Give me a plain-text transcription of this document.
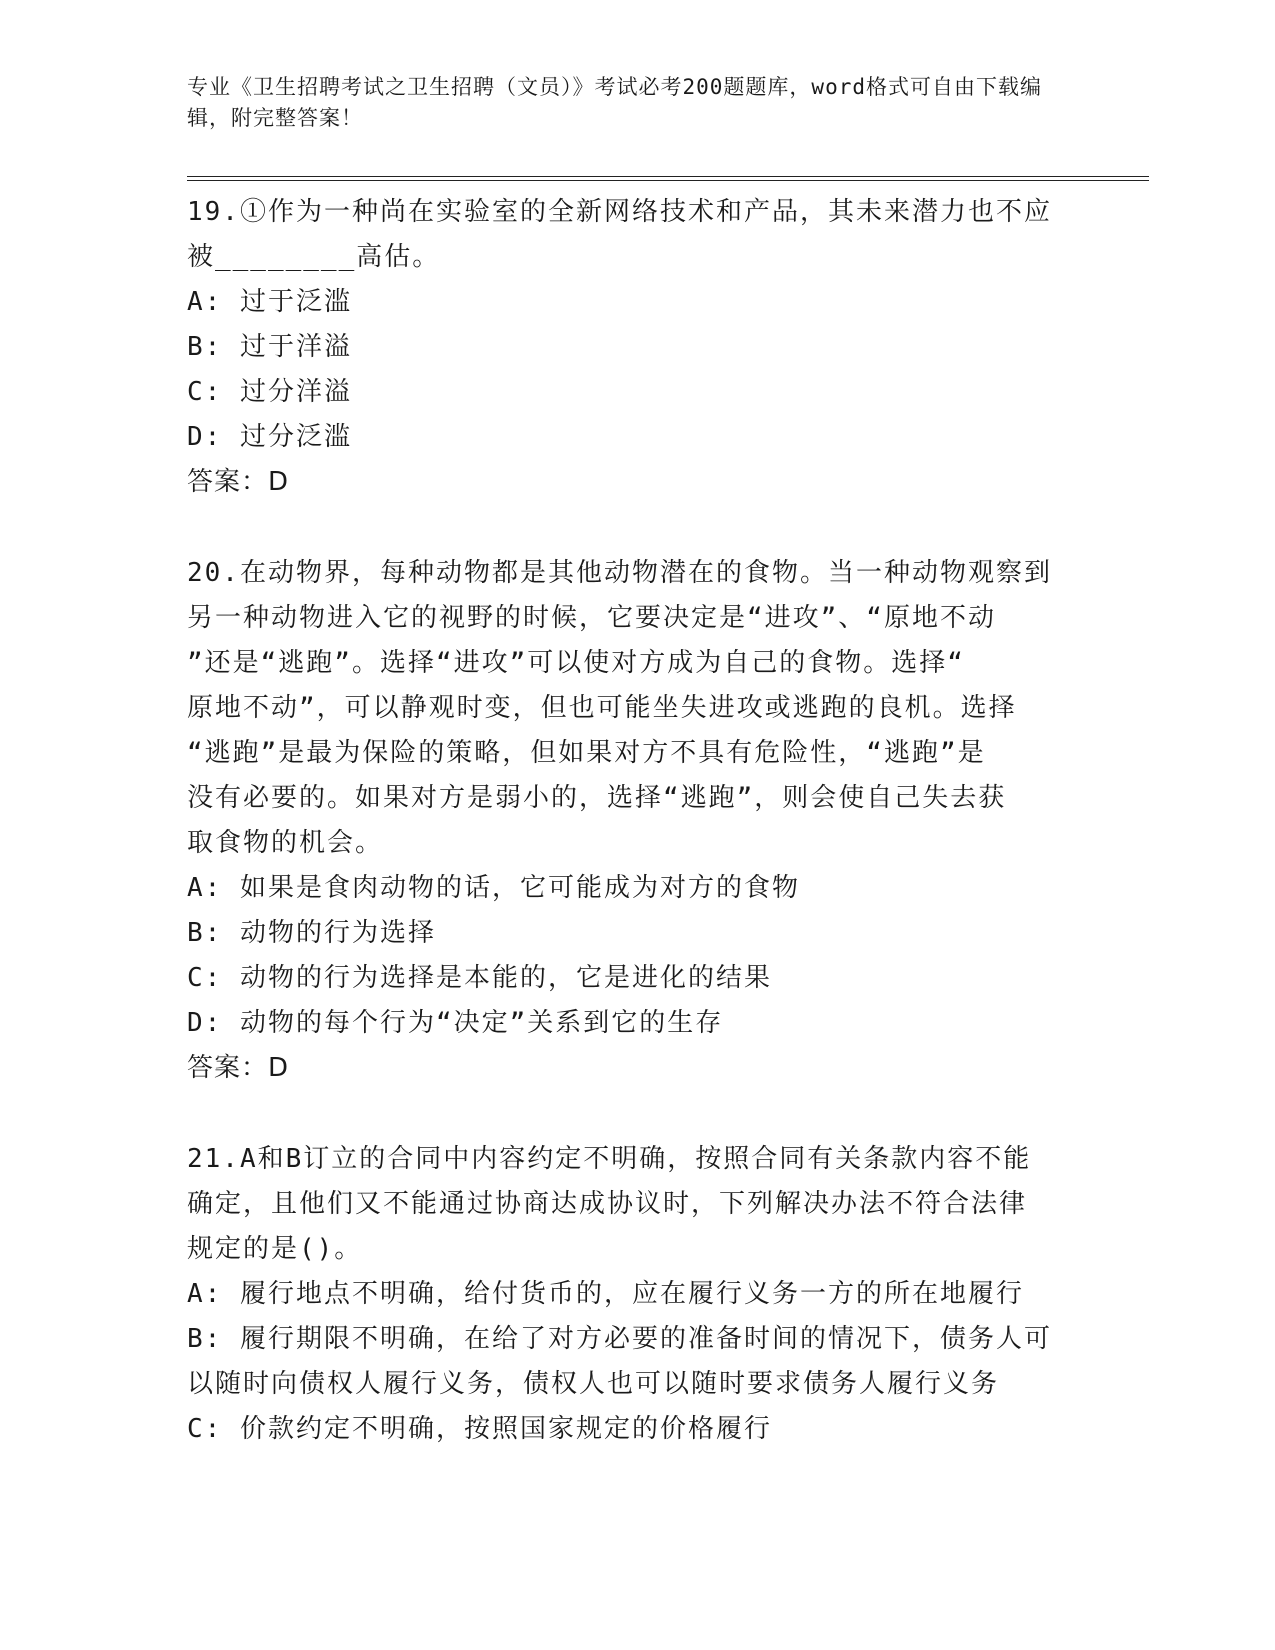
专业《卫生招聘考试之卫生招聘（文员）》考试必考200题题库，word格式可自由下载编辑，附完整答案！

19.①作为一种尚在实验室的全新网络技术和产品，其未来潜力也不应

被________高估。

A: 过于泛滥

B: 过于洋溢

C: 过分洋溢

D: 过分泛滥

答案：D

20.在动物界，每种动物都是其他动物潜在的食物。当一种动物观察到

另一种动物进入它的视野的时候，它要决定是“进攻”、“原地不动

”还是“逃跑”。选择“进攻”可以使对方成为自己的食物。选择“

原地不动”，可以静观时变，但也可能坐失进攻或逃跑的良机。选择

“逃跑”是最为保险的策略，但如果对方不具有危险性，“逃跑”是

没有必要的。如果对方是弱小的，选择“逃跑”，则会使自己失去获

取食物的机会。

A: 如果是食肉动物的话，它可能成为对方的食物

B: 动物的行为选择

C: 动物的行为选择是本能的，它是进化的结果

D: 动物的每个行为“决定”关系到它的生存

答案：D

21.A和B订立的合同中内容约定不明确，按照合同有关条款内容不能

确定，且他们又不能通过协商达成协议时，下列解决办法不符合法律

规定的是()。

A: 履行地点不明确，给付货币的，应在履行义务一方的所在地履行

B: 履行期限不明确，在给了对方必要的准备时间的情况下，债务人可

以随时向债权人履行义务，债权人也可以随时要求债务人履行义务

C: 价款约定不明确，按照国家规定的价格履行
